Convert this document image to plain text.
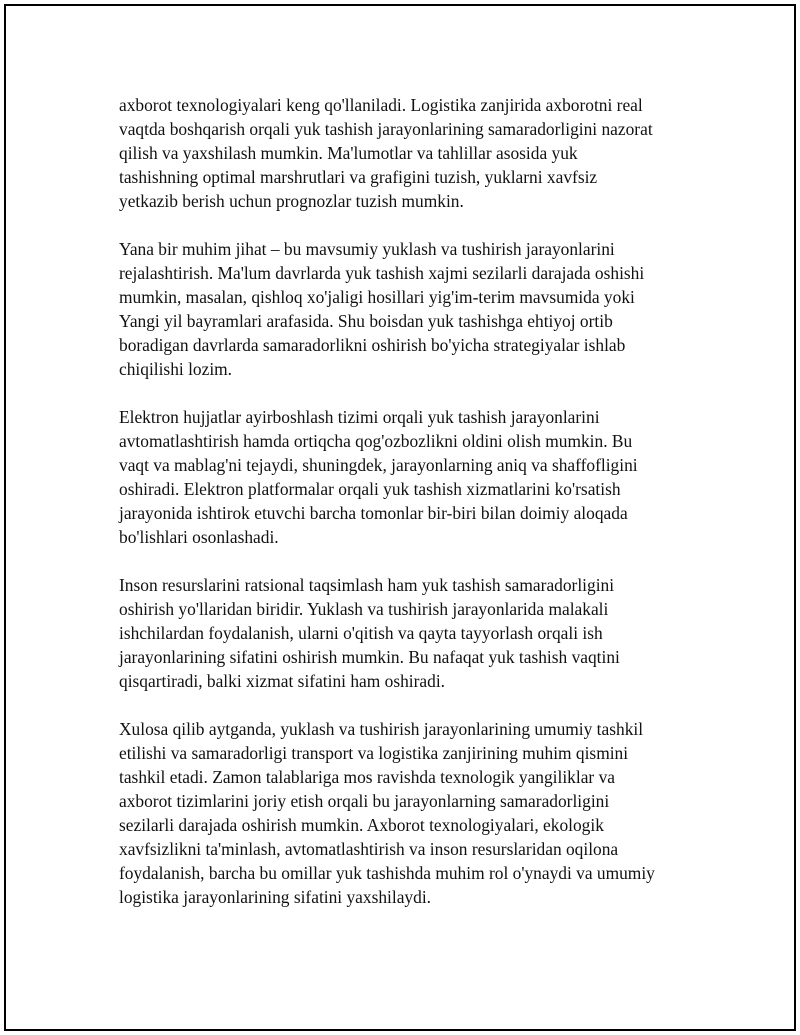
axborot texnologiyalari keng qo'llaniladi. Logistika zanjirida axborotni real
vaqtda boshqarish orqali yuk tashish jarayonlarining samaradorligini nazorat
qilish va yaxshilash mumkin. Ma'lumotlar va tahlillar asosida yuk
tashishning optimal marshrutlari va grafigini tuzish, yuklarni xavfsiz
yetkazib berish uchun prognozlar tuzish mumkin.

Yana bir muhim jihat – bu mavsumiy yuklash va tushirish jarayonlarini
rejalashtirish. Ma'lum davrlarda yuk tashish xajmi sezilarli darajada oshishi
mumkin, masalan, qishloq xo'jaligi hosillari yig'im-terim mavsumida yoki
Yangi yil bayramlari arafasida. Shu boisdan yuk tashishga ehtiyoj ortib
boradigan davrlarda samaradorlikni oshirish bo'yicha strategiyalar ishlab
chiqilishi lozim.

Elektron hujjatlar ayirboshlash tizimi orqali yuk tashish jarayonlarini
avtomatlashtirish hamda ortiqcha qog'ozbozlikni oldini olish mumkin. Bu
vaqt va mablag'ni tejaydi, shuningdek, jarayonlarning aniq va shaffofligini
oshiradi. Elektron platformalar orqali yuk tashish xizmatlarini ko'rsatish
jarayonida ishtirok etuvchi barcha tomonlar bir-biri bilan doimiy aloqada
bo'lishlari osonlashadi.

Inson resurslarini ratsional taqsimlash ham yuk tashish samaradorligini
oshirish yo'llaridan biridir. Yuklash va tushirish jarayonlarida malakali
ishchilardan foydalanish, ularni o'qitish va qayta tayyorlash orqali ish
jarayonlarining sifatini oshirish mumkin. Bu nafaqat yuk tashish vaqtini
qisqartiradi, balki xizmat sifatini ham oshiradi.

Xulosa qilib aytganda, yuklash va tushirish jarayonlarining umumiy tashkil
etilishi va samaradorligi transport va logistika zanjirining muhim qismini
tashkil etadi. Zamon talablariga mos ravishda texnologik yangiliklar va
axborot tizimlarini joriy etish orqali bu jarayonlarning samaradorligini
sezilarli darajada oshirish mumkin. Axborot texnologiyalari, ekologik
xavfsizlikni ta'minlash, avtomatlashtirish va inson resurslaridan oqilona
foydalanish, barcha bu omillar yuk tashishda muhim rol o'ynaydi va umumiy
logistika jarayonlarining sifatini yaxshilaydi.
